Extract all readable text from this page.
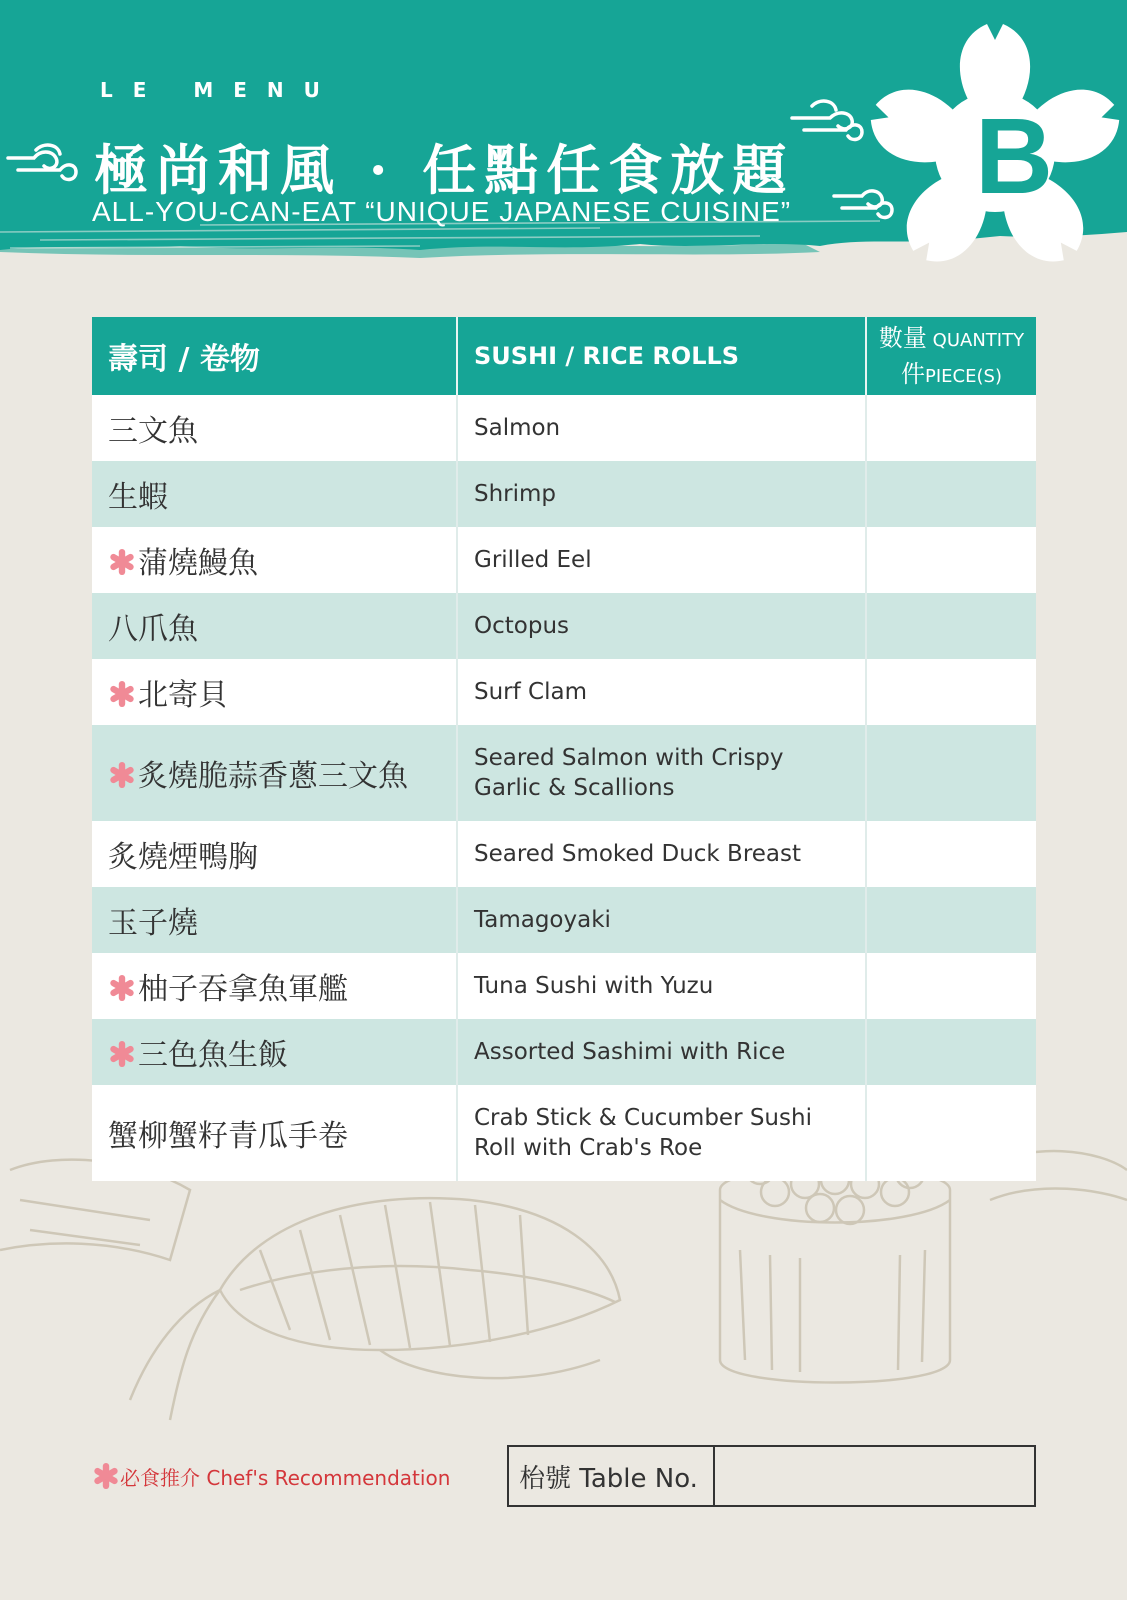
LE MENU
極尚和風 · 任點任食放題
ALL-YOU-CAN-EAT “UNIQUE JAPANESE CUISINE” B
壽司 / 卷物	SUSHI / RICE ROLLS	數量 QUANTITY
件PIECE(S)

三文魚	Salmon	
生蝦	Shrimp	
蒲燒鰻魚	Grilled Eel	
八爪魚	Octopus	
北寄貝	Surf Clam	
炙燒脆蒜香蔥三文魚	Seared Salmon with Crispy Garlic & Scallions	
炙燒煙鴨胸	Seared Smoked Duck Breast	
玉子燒	Tamagoyaki	
柚子吞拿魚軍艦	Tuna Sushi with Yuzu	
三色魚生飯	Assorted Sashimi with Rice	
蟹柳蟹籽青瓜手卷	Crab Stick & Cucumber Sushi Roll with Crab's Roe	
必食推介 Chef's Recommendation	枱號 Table No.
